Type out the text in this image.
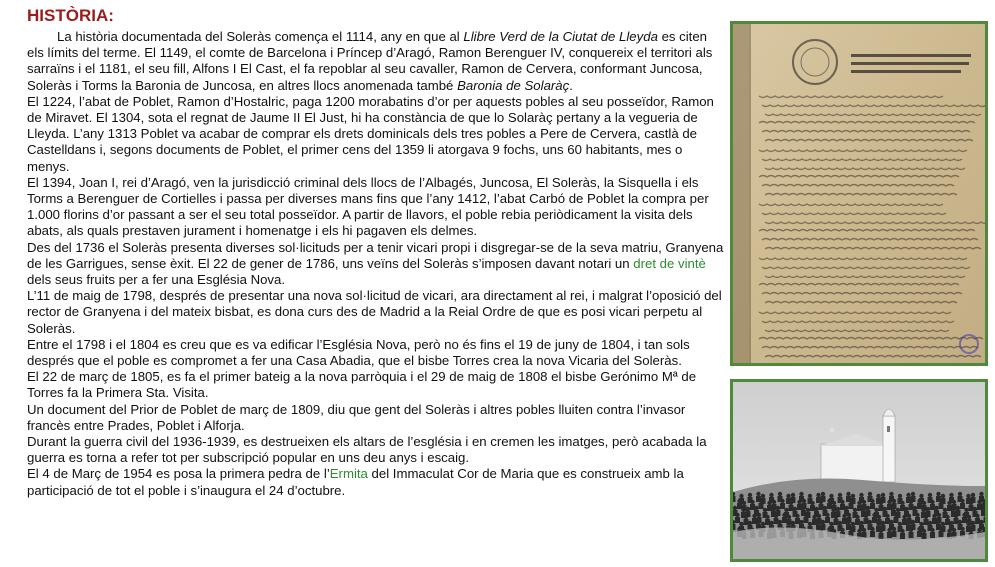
HISTÒRIA:

La història documentada del Soleràs comença el 1114, any en que al Llibre Verd de la Ciutat de Lleyda es citen els límits del terme. El 1149, el comte de Barcelona i Príncep d’Aragó, Ramon Berenguer IV, conquereix el territori als sarraïns i el 1181, el seu fill, Alfons I El Cast, el fa repoblar al seu cavaller, Ramon de Cervera, conformant Juncosa, Soleràs i Torms la Baronia de Juncosa, en altres llocs anomenada també Baronia de Solaràç.

El 1224, l’abat de Poblet, Ramon d’Hostalric, paga 1200 morabatins d’or per aquests pobles al seu posseïdor, Ramon de Miravet. El 1304, sota el regnat de Jaume II El Just, hi ha constància de que lo Solaràç pertany a la vegueria de Lleyda. L’any 1313 Poblet va acabar de comprar els drets dominicals dels tres pobles a Pere de Cervera, castlà de Castelldans i, segons documents de Poblet, el primer cens del 1359 li atorgava 9 fochs, uns 60 habitants, mes o menys.

El 1394, Joan I, rei d’Aragó, ven la jurisdicció criminal dels llocs de l’Albagés, Juncosa, El Soleràs, la Sisquella i els Torms a Berenguer de Cortielles i passa per diverses mans fins que l’any 1412, l’abat Carbó de Poblet la compra per 1.000 florins d’or passant a ser el seu total posseïdor. A partir de llavors, el poble rebia periòdicament la visita dels abats, als quals prestaven jurament i homenatge i els hi pagaven els delmes.

Des del 1736 el Soleràs presenta diverses sol·licituds per a tenir vicari propi i disgregar-se de la seva matriu, Granyena de les Garrigues, sense èxit. El 22 de gener de 1786, uns veïns del Soleràs s’imposen davant notari un dret de vintè dels seus fruits per a fer una Església Nova.

L’11 de maig de 1798, després de presentar una nova sol·licitud de vicari, ara directament al rei, i malgrat l’oposició del rector de Granyena i del mateix bisbat, es dona curs des de Madrid a la Reial Ordre de que es posi vicari perpetu al Soleràs.

Entre el 1798 i el 1804 es creu que es va edificar l’Església Nova, però no és fins el 19 de juny de 1804, i tan sols després que el poble es compromet a fer una Casa Abadia, que el bisbe Torres crea la nova Vicaria del Soleràs.

El 22 de març de 1805, es fa el primer bateig a la nova parròquia i el 29 de maig de 1808 el bisbe Gerónimo Mª de Torres fa la Primera Sta. Visita.

Un document del Prior de Poblet de març de 1809, diu que gent del Soleràs i altres pobles lluiten contra l’invasor francès entre Prades, Poblet i Alforja.

Durant la guerra civil del 1936-1939, es destrueixen els altars de l’església i en cremen les imatges, però acabada la guerra es torna a refer tot per subscripció popular en uns deu anys i escaig.

El 4 de Març de 1954 es posa la primera pedra de l’Ermita del Immaculat Cor de Maria que es construeix amb la participació de tot el poble i s’inaugura el 24 d’octubre.
